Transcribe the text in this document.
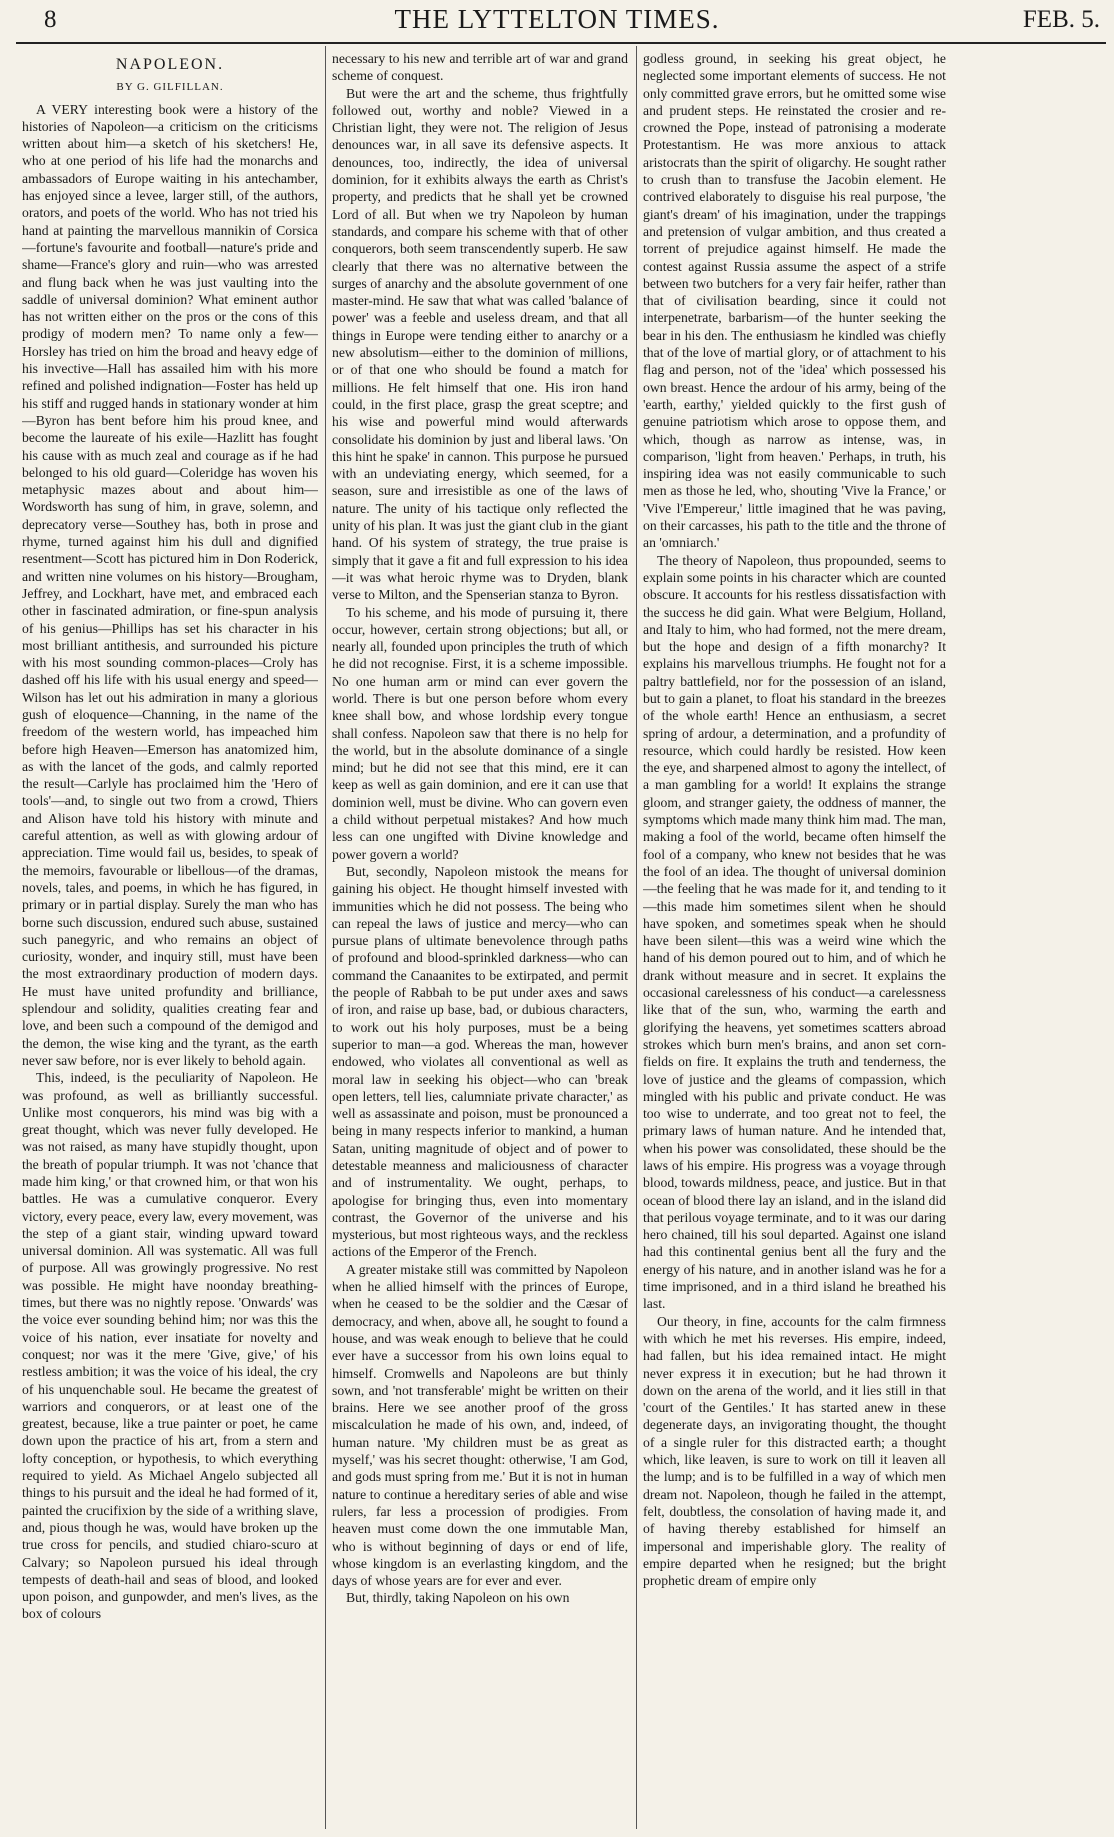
8	THE LYTTELTON TIMES.	FEB. 5.
NAPOLEON.
BY G. GILFILLAN.

A VERY interesting book were a history of the histories of Napoleon—a criticism on the criticisms written about him—a sketch of his sketchers! He, who at one period of his life had the monarchs and ambassadors of Europe waiting in his antechamber, has enjoyed since a levee, larger still, of the authors, orators, and poets of the world. Who has not tried his hand at painting the marvellous mannikin of Corsica—fortune's favourite and football—nature's pride and shame—France's glory and ruin—who was arrested and flung back when he was just vaulting into the saddle of universal dominion? What eminent author has not written either on the pros or the cons of this prodigy of modern men? To name only a few—Horsley has tried on him the broad and heavy edge of his invective—Hall has assailed him with his more refined and polished indignation—Foster has held up his stiff and rugged hands in stationary wonder at him—Byron has bent before him his proud knee, and become the laureate of his exile—Hazlitt has fought his cause with as much zeal and courage as if he had belonged to his old guard—Coleridge has woven his metaphysic mazes about and about him—Wordsworth has sung of him, in grave, solemn, and deprecatory verse—Southey has, both in prose and rhyme, turned against him his dull and dignified resentment—Scott has pictured him in Don Roderick, and written nine volumes on his history—Brougham, Jeffrey, and Lockhart, have met, and embraced each other in fascinated admiration, or fine-spun analysis of his genius—Phillips has set his character in his most brilliant antithesis, and surrounded his picture with his most sounding common-places—Croly has dashed off his life with his usual energy and speed—Wilson has let out his admiration in many a glorious gush of eloquence—Channing, in the name of the freedom of the western world, has impeached him before high Heaven—Emerson has anatomized him, as with the lancet of the gods, and calmly reported the result—Carlyle has proclaimed him the 'Hero of tools'—and, to single out two from a crowd, Thiers and Alison have told his history with minute and careful attention, as well as with glowing ardour of appreciation. Time would fail us, besides, to speak of the memoirs, favourable or libellous—of the dramas, novels, tales, and poems, in which he has figured, in primary or in partial display. Surely the man who has borne such discussion, endured such abuse, sustained such panegyric, and who remains an object of curiosity, wonder, and inquiry still, must have been the most extraordinary production of modern days. He must have united profundity and brilliance, splendour and solidity, qualities creating fear and love, and been such a compound of the demigod and the demon, the wise king and the tyrant, as the earth never saw before, nor is ever likely to behold again.

This, indeed, is the peculiarity of Napoleon. He was profound, as well as brilliantly successful. Unlike most conquerors, his mind was big with a great thought, which was never fully developed. He was not raised, as many have stupidly thought, upon the breath of popular triumph. It was not 'chance that made him king,' or that crowned him, or that won his battles. He was a cumulative conqueror. Every victory, every peace, every law, every movement, was the step of a giant stair, winding upward toward universal dominion. All was systematic. All was full of purpose. All was growingly progressive. No rest was possible. He might have noonday breathing-times, but there was no nightly repose. 'Onwards' was the voice ever sounding behind him; nor was this the voice of his nation, ever insatiate for novelty and conquest; nor was it the mere 'Give, give,' of his restless ambition; it was the voice of his ideal, the cry of his unquenchable soul. He became the greatest of warriors and conquerors, or at least one of the greatest, because, like a true painter or poet, he came down upon the practice of his art, from a stern and lofty conception, or hypothesis, to which everything required to yield. As Michael Angelo subjected all things to his pursuit and the ideal he had formed of it, painted the crucifixion by the side of a writhing slave, and, pious though he was, would have broken up the true cross for pencils, and studied chiaro-scuro at Calvary; so Napoleon pursued his ideal through tempests of death-hail and seas of blood, and looked upon poison, and gunpowder, and men's lives, as the box of colours

necessary to his new and terrible art of war and grand scheme of conquest.

But were the art and the scheme, thus frightfully followed out, worthy and noble? Viewed in a Christian light, they were not. The religion of Jesus denounces war, in all save its defensive aspects. It denounces, too, indirectly, the idea of universal dominion, for it exhibits always the earth as Christ's property, and predicts that he shall yet be crowned Lord of all. But when we try Napoleon by human standards, and compare his scheme with that of other conquerors, both seem transcendently superb. He saw clearly that there was no alternative between the surges of anarchy and the absolute government of one master-mind. He saw that what was called 'balance of power' was a feeble and useless dream, and that all things in Europe were tending either to anarchy or a new absolutism—either to the dominion of millions, or of that one who should be found a match for millions. He felt himself that one. His iron hand could, in the first place, grasp the great sceptre; and his wise and powerful mind would afterwards consolidate his dominion by just and liberal laws. 'On this hint he spake' in cannon. This purpose he pursued with an undeviating energy, which seemed, for a season, sure and irresistible as one of the laws of nature. The unity of his tactique only reflected the unity of his plan. It was just the giant club in the giant hand. Of his system of strategy, the true praise is simply that it gave a fit and full expression to his idea—it was what heroic rhyme was to Dryden, blank verse to Milton, and the Spenserian stanza to Byron.

To his scheme, and his mode of pursuing it, there occur, however, certain strong objections; but all, or nearly all, founded upon principles the truth of which he did not recognise. First, it is a scheme impossible. No one human arm or mind can ever govern the world. There is but one person before whom every knee shall bow, and whose lordship every tongue shall confess. Napoleon saw that there is no help for the world, but in the absolute dominance of a single mind; but he did not see that this mind, ere it can keep as well as gain dominion, and ere it can use that dominion well, must be divine. Who can govern even a child without perpetual mistakes? And how much less can one ungifted with Divine knowledge and power govern a world?

But, secondly, Napoleon mistook the means for gaining his object. He thought himself invested with immunities which he did not possess. The being who can repeal the laws of justice and mercy—who can pursue plans of ultimate benevolence through paths of profound and blood-sprinkled darkness—who can command the Canaanites to be extirpated, and permit the people of Rabbah to be put under axes and saws of iron, and raise up base, bad, or dubious characters, to work out his holy purposes, must be a being superior to man—a god. Whereas the man, however endowed, who violates all conventional as well as moral law in seeking his object—who can 'break open letters, tell lies, calumniate private character,' as well as assassinate and poison, must be pronounced a being in many respects inferior to mankind, a human Satan, uniting magnitude of object and of power to detestable meanness and maliciousness of character and of instrumentality. We ought, perhaps, to apologise for bringing thus, even into momentary contrast, the Governor of the universe and his mysterious, but most righteous ways, and the reckless actions of the Emperor of the French.

A greater mistake still was committed by Napoleon when he allied himself with the princes of Europe, when he ceased to be the soldier and the Cæsar of democracy, and when, above all, he sought to found a house, and was weak enough to believe that he could ever have a successor from his own loins equal to himself. Cromwells and Napoleons are but thinly sown, and 'not transferable' might be written on their brains. Here we see another proof of the gross miscalculation he made of his own, and, indeed, of human nature. 'My children must be as great as myself,' was his secret thought: otherwise, 'I am God, and gods must spring from me.' But it is not in human nature to continue a hereditary series of able and wise rulers, far less a procession of prodigies. From heaven must come down the one immutable Man, who is without beginning of days or end of life, whose kingdom is an everlasting kingdom, and the days of whose years are for ever and ever.

But, thirdly, taking Napoleon on his own

godless ground, in seeking his great object, he neglected some important elements of success. He not only committed grave errors, but he omitted some wise and prudent steps. He reinstated the crosier and re-crowned the Pope, instead of patronising a moderate Protestantism. He was more anxious to attack aristocrats than the spirit of oligarchy. He sought rather to crush than to transfuse the Jacobin element. He contrived elaborately to disguise his real purpose, 'the giant's dream' of his imagination, under the trappings and pretension of vulgar ambition, and thus created a torrent of prejudice against himself. He made the contest against Russia assume the aspect of a strife between two butchers for a very fair heifer, rather than that of civilisation bearding, since it could not interpenetrate, barbarism—of the hunter seeking the bear in his den. The enthusiasm he kindled was chiefly that of the love of martial glory, or of attachment to his flag and person, not of the 'idea' which possessed his own breast. Hence the ardour of his army, being of the 'earth, earthy,' yielded quickly to the first gush of genuine patriotism which arose to oppose them, and which, though as narrow as intense, was, in comparison, 'light from heaven.' Perhaps, in truth, his inspiring idea was not easily communicable to such men as those he led, who, shouting 'Vive la France,' or 'Vive l'Empereur,' little imagined that he was paving, on their carcasses, his path to the title and the throne of an 'omniarch.'

The theory of Napoleon, thus propounded, seems to explain some points in his character which are counted obscure. It accounts for his restless dissatisfaction with the success he did gain. What were Belgium, Holland, and Italy to him, who had formed, not the mere dream, but the hope and design of a fifth monarchy? It explains his marvellous triumphs. He fought not for a paltry battlefield, nor for the possession of an island, but to gain a planet, to float his standard in the breezes of the whole earth! Hence an enthusiasm, a secret spring of ardour, a determination, and a profundity of resource, which could hardly be resisted. How keen the eye, and sharpened almost to agony the intellect, of a man gambling for a world! It explains the strange gloom, and stranger gaiety, the oddness of manner, the symptoms which made many think him mad. The man, making a fool of the world, became often himself the fool of a company, who knew not besides that he was the fool of an idea. The thought of universal dominion—the feeling that he was made for it, and tending to it—this made him sometimes silent when he should have spoken, and sometimes speak when he should have been silent—this was a weird wine which the hand of his demon poured out to him, and of which he drank without measure and in secret. It explains the occasional carelessness of his conduct—a carelessness like that of the sun, who, warming the earth and glorifying the heavens, yet sometimes scatters abroad strokes which burn men's brains, and anon set corn-fields on fire. It explains the truth and tenderness, the love of justice and the gleams of compassion, which mingled with his public and private conduct. He was too wise to underrate, and too great not to feel, the primary laws of human nature. And he intended that, when his power was consolidated, these should be the laws of his empire. His progress was a voyage through blood, towards mildness, peace, and justice. But in that ocean of blood there lay an island, and in the island did that perilous voyage terminate, and to it was our daring hero chained, till his soul departed. Against one island had this continental genius bent all the fury and the energy of his nature, and in another island was he for a time imprisoned, and in a third island he breathed his last.

Our theory, in fine, accounts for the calm firmness with which he met his reverses. His empire, indeed, had fallen, but his idea remained intact. He might never express it in execution; but he had thrown it down on the arena of the world, and it lies still in that 'court of the Gentiles.' It has started anew in these degenerate days, an invigorating thought, the thought of a single ruler for this distracted earth; a thought which, like leaven, is sure to work on till it leaven all the lump; and is to be fulfilled in a way of which men dream not. Napoleon, though he failed in the attempt, felt, doubtless, the consolation of having made it, and of having thereby established for himself an impersonal and imperishable glory. The reality of empire departed when he resigned; but the bright prophetic dream of empire only
